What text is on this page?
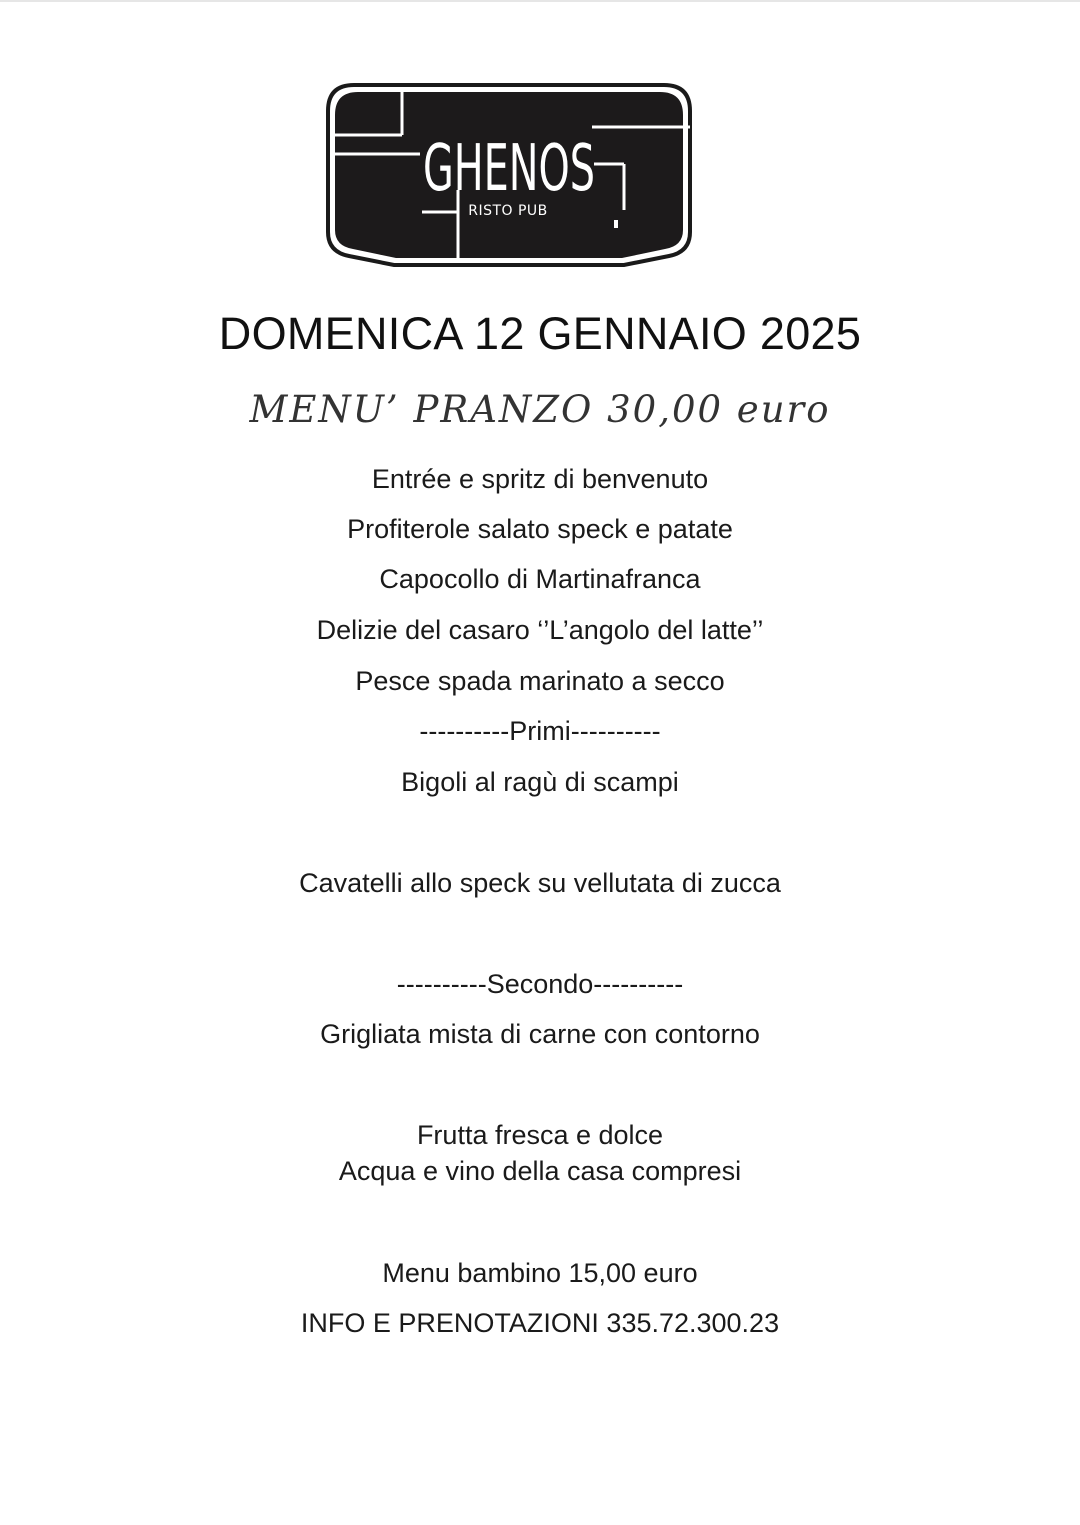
GHENOS
RISTO PUB
DOMENICA 12 GENNAIO 2025
MENU’ PRANZO 30,00 euro
Entrée e spritz di benvenuto
Profiterole salato speck e patate
Capocollo di Martinafranca
Delizie del casaro ‘’L’angolo del latte’’
Pesce spada marinato a secco
----------Primi----------
Bigoli al ragù di scampi
Cavatelli allo speck su vellutata di zucca
----------Secondo----------
Grigliata mista di carne con contorno
Frutta fresca e dolce
Acqua e vino della casa compresi
Menu bambino 15,00 euro
INFO E PRENOTAZIONI 335.72.300.23
